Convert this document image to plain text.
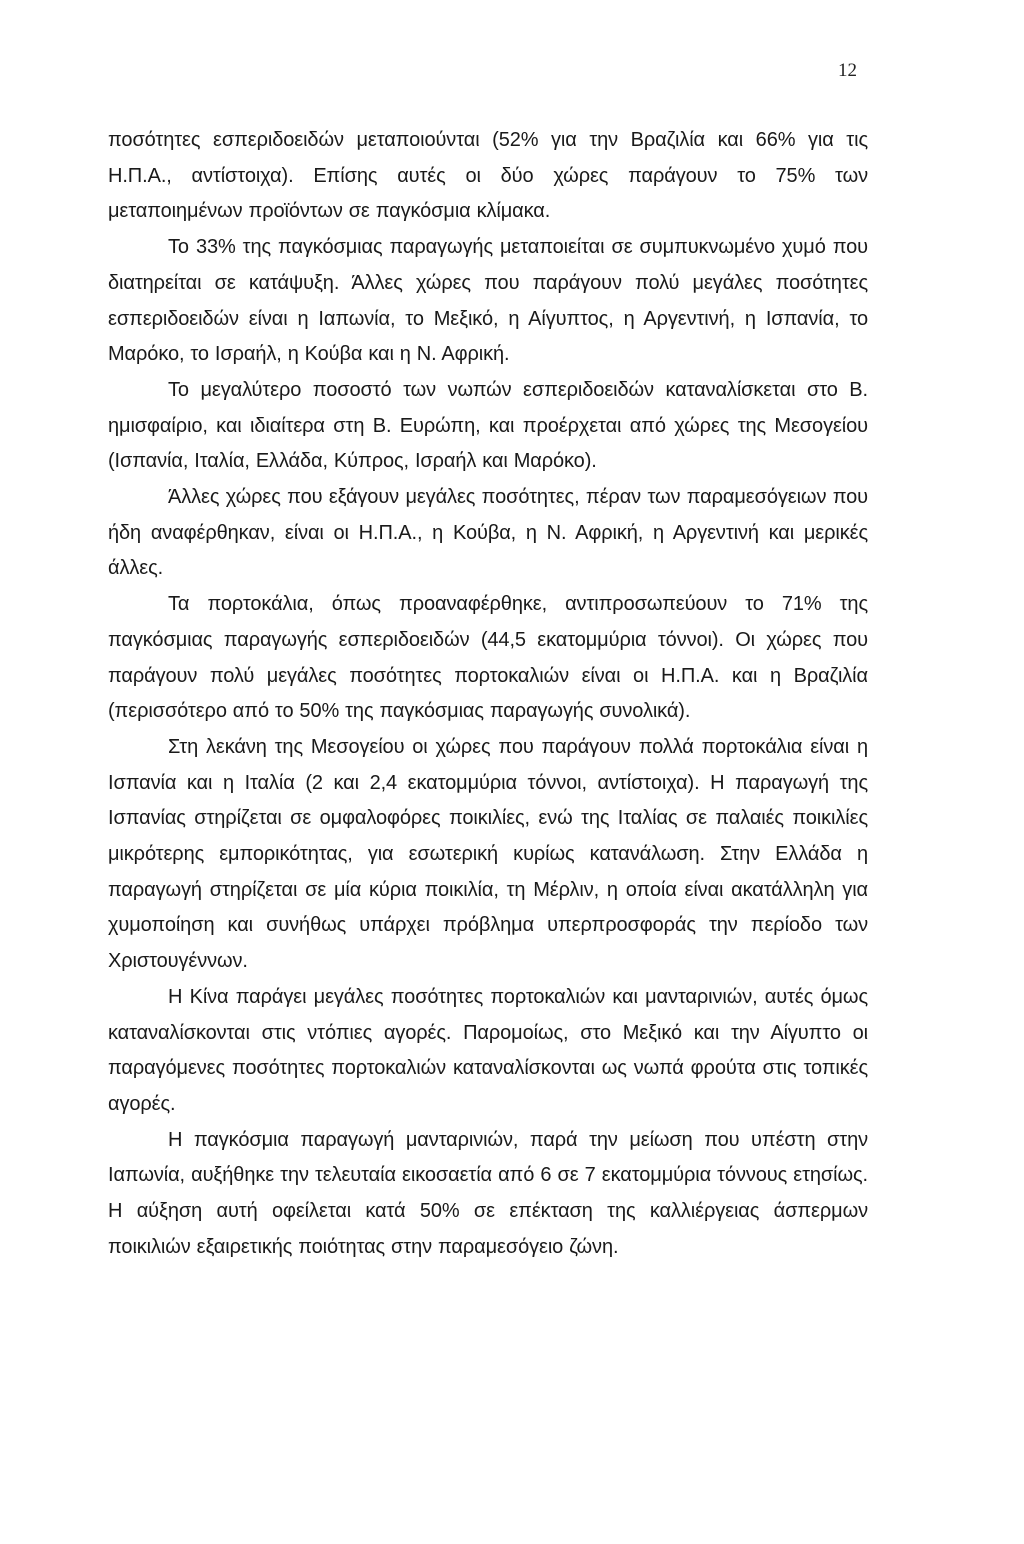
12

ποσότητες εσπεριδοειδών μεταποιούνται (52% για την Βραζιλία και 66% για τις Η.Π.Α., αντίστοιχα). Επίσης αυτές οι δύο χώρες παράγουν το 75% των μεταποιημένων προϊόντων σε παγκόσμια κλίμακα.

Το 33% της παγκόσμιας παραγωγής μεταποιείται σε συμπυκνωμένο χυμό που διατηρείται σε κατάψυξη. Άλλες χώρες που παράγουν πολύ μεγάλες ποσότητες εσπεριδοειδών είναι η Ιαπωνία, το Μεξικό, η Αίγυπτος, η Αργεντινή, η Ισπανία, το Μαρόκο, το Ισραήλ, η Κούβα και η Ν. Αφρική.

Το μεγαλύτερο ποσοστό των νωπών εσπεριδοειδών καταναλίσκεται στο Β. ημισφαίριο, και ιδιαίτερα στη Β. Ευρώπη, και προέρχεται από χώρες της Μεσογείου (Ισπανία, Ιταλία, Ελλάδα, Κύπρος, Ισραήλ και Μαρόκο).

Άλλες χώρες που εξάγουν μεγάλες ποσότητες, πέραν των παραμεσόγειων που ήδη αναφέρθηκαν, είναι οι Η.Π.Α., η Κούβα, η Ν. Αφρική, η Αργεντινή και μερικές άλλες.

Τα πορτοκάλια, όπως προαναφέρθηκε, αντιπροσωπεύουν το 71% της παγκόσμιας παραγωγής εσπεριδοειδών (44,5 εκατομμύρια τόννοι). Οι χώρες που παράγουν πολύ μεγάλες ποσότητες πορτοκαλιών είναι οι Η.Π.Α. και η Βραζιλία (περισσότερο από το 50% της παγκόσμιας παραγωγής συνολικά).

Στη λεκάνη της Μεσογείου οι χώρες που παράγουν πολλά πορτοκάλια είναι η Ισπανία και η Ιταλία (2 και 2,4 εκατομμύρια τόννοι, αντίστοιχα). Η παραγωγή της Ισπανίας στηρίζεται σε ομφαλοφόρες ποικιλίες, ενώ της Ιταλίας σε παλαιές ποικιλίες μικρότερης εμπορικότητας, για εσωτερική κυρίως κατανάλωση. Στην Ελλάδα η παραγωγή στηρίζεται σε μία κύρια ποικιλία, τη Μέρλιν, η οποία είναι ακατάλληλη για χυμοποίηση και συνήθως υπάρχει πρόβλημα υπερπροσφοράς την περίοδο των Χριστουγέννων.

Η Κίνα παράγει μεγάλες ποσότητες πορτοκαλιών και μανταρινιών, αυτές όμως καταναλίσκονται στις ντόπιες αγορές. Παρομοίως, στο Μεξικό και την Αίγυπτο οι παραγόμενες ποσότητες πορτοκαλιών καταναλίσκονται ως νωπά φρούτα στις τοπικές αγορές.

Η παγκόσμια παραγωγή μανταρινιών, παρά την μείωση που υπέστη στην Ιαπωνία, αυξήθηκε την τελευταία εικοσαετία από 6 σε 7 εκατομμύρια τόννους ετησίως. Η αύξηση αυτή οφείλεται κατά 50% σε επέκταση της καλλιέργειας άσπερμων ποικιλιών εξαιρετικής ποιότητας στην παραμεσόγειο ζώνη.
